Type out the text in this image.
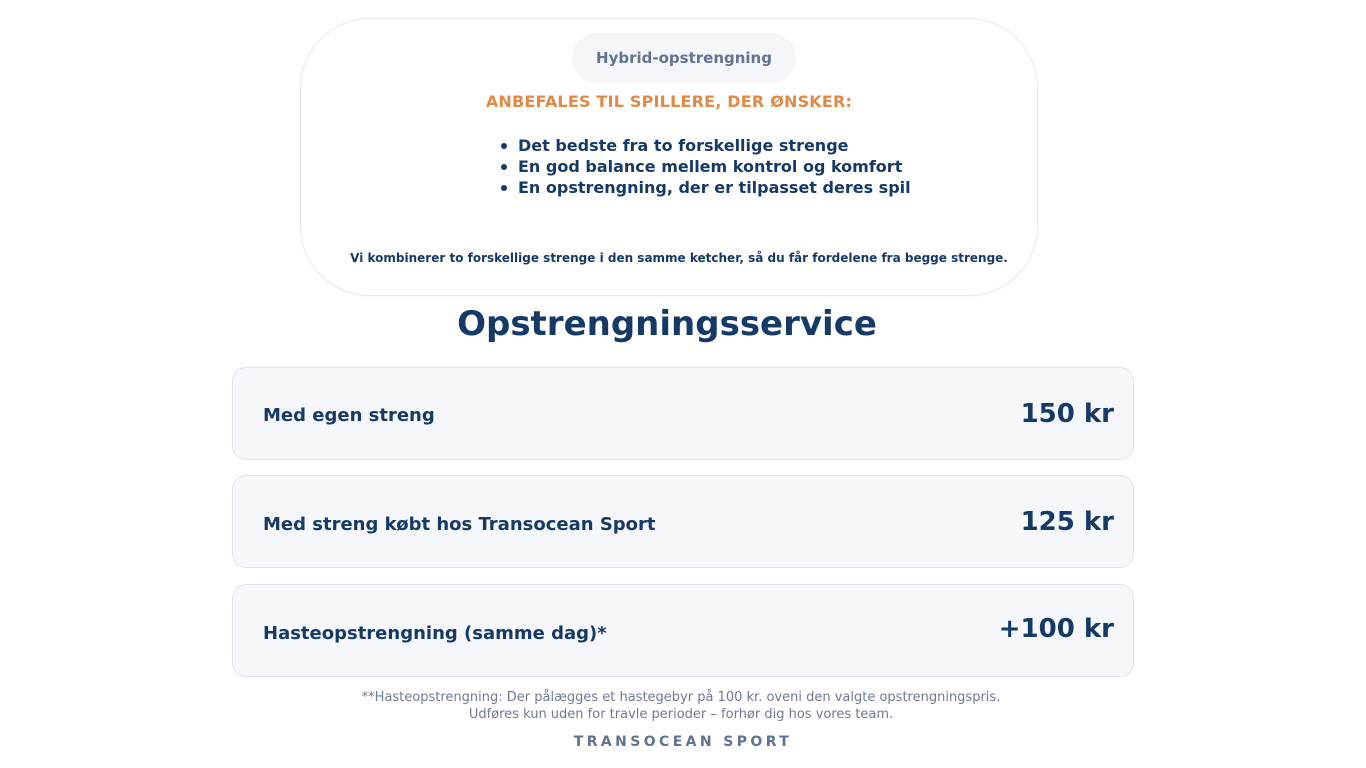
Hybrid-opstrengning
ANBEFALES TIL SPILLERE, DER ØNSKER:
Det bedste fra to forskellige strenge
En god balance mellem kontrol og komfort
En opstrengning, der er tilpasset deres spil
Vi kombinerer to forskellige strenge i den samme ketcher, så du får fordelene fra begge strenge.
Opstrengningsservice
Med egen streng	150 kr
Med streng købt hos Transocean Sport	125 kr
Hasteopstrengning (samme dag)*	+100 kr

**Hasteopstrengning: Der pålægges et hastegebyr på 100 kr. oveni den valgte opstrengningspris.

Udføres kun uden for travle perioder – forhør dig hos vores team.

TRANSOCEAN SPORT
